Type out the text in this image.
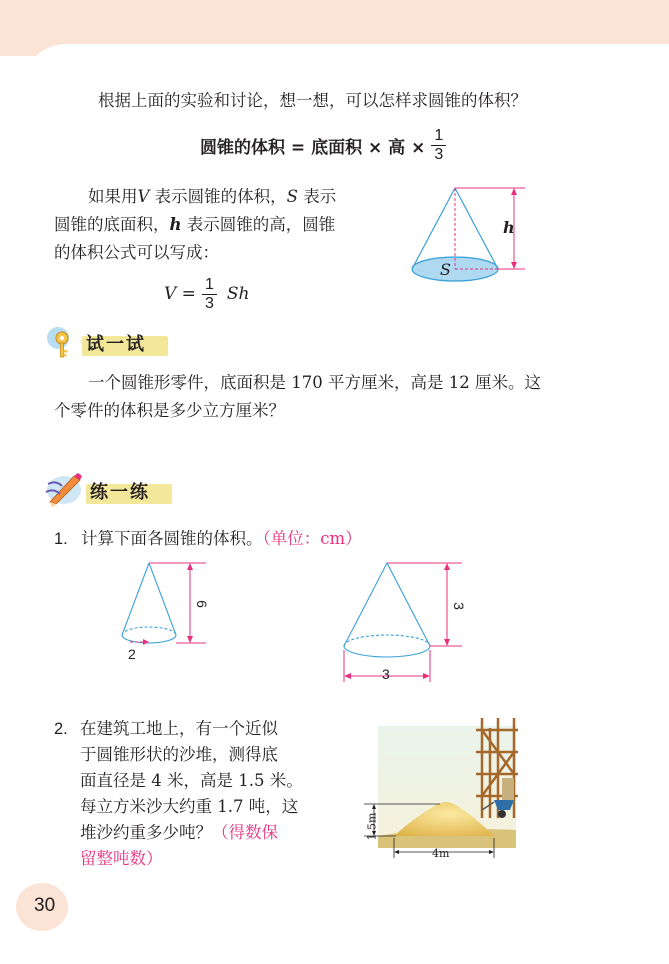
根据上面的实验和讨论，想一想，可以怎样求圆锥的体积？
圆锥的体积 = 底面积 × 高 × $\frac{1}{3}$
如果用V 表示圆锥的体积，S 表示
圆锥的底面积，h 表示圆锥的高，圆锥
的体积公式可以写成：
$V = \frac{1}{3}$ Sh
h
S
试一试
一个圆锥形零件，底面积是 170 平方厘米，高是 12 厘米。这
个零件的体积是多少立方厘米？
练一练
1. 计算下面各圆锥的体积。（单位：cm）
2
6
3
3
2. 在建筑工地上，有一个近似
于圆锥形状的沙堆，测得底
面直径是 4 米，高是 1.5 米。
每立方米沙大约重 1.7 吨，这
堆沙约重多少吨？（得数保
留整吨数）
1.5m
4m
30
